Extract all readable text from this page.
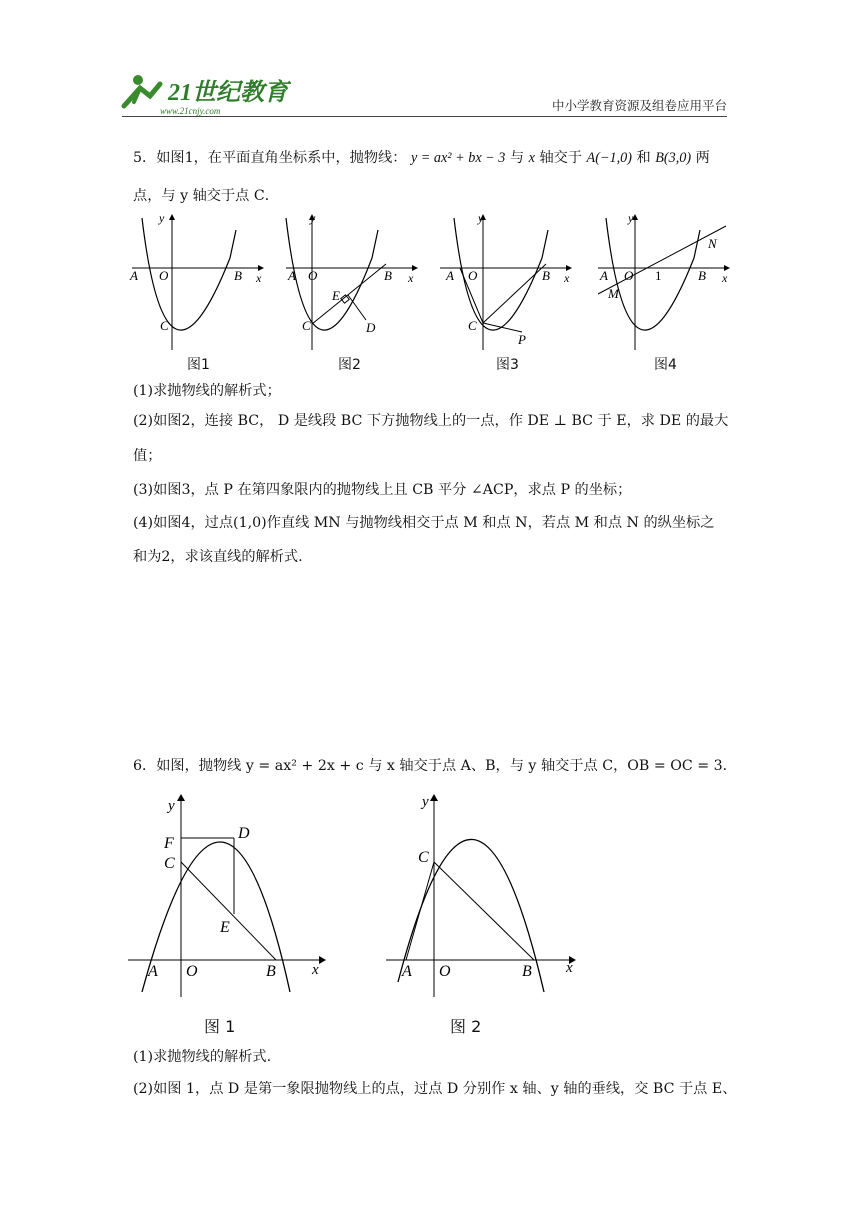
21世纪教育
www.21cnjy.com	中小学教育资源及组卷应用平台
5．如图1，在平面直角坐标系中，抛物线： y = ax² + bx − 3 与 x 轴交于 A(−1,0) 和 B(3,0) 两
点，与 y 轴交于点 C．
A O	B x
y
C
图1
A O	B x
y
C
E
D
图2
A O	B x
y
C
P
图3
A O 1	B x
y
M
N
图4
(1)求抛物线的解析式；
(2)如图2，连接 BC， D 是线段 BC 下方抛物线上的一点，作 DE ⊥ BC 于 E，求 DE 的最大
值；
(3)如图3，点 P 在第四象限内的抛物线上且 CB 平分 ∠ACP，求点 P 的坐标；
(4)如图4，过点(1,0)作直线 MN 与抛物线相交于点 M 和点 N，若点 M 和点 N 的纵坐标之
和为2，求该直线的解析式.
6．如图，抛物线 y = ax² + 2x + c 与 x 轴交于点 A、B，与 y 轴交于点 C，OB = OC = 3．
A O	B x
y
F
C
D
E
图 1
A O	B x
y
C
图 2
(1)求抛物线的解析式.
(2)如图 1，点 D 是第一象限抛物线上的点，过点 D 分别作 x 轴、y 轴的垂线，交 BC 于点 E、
